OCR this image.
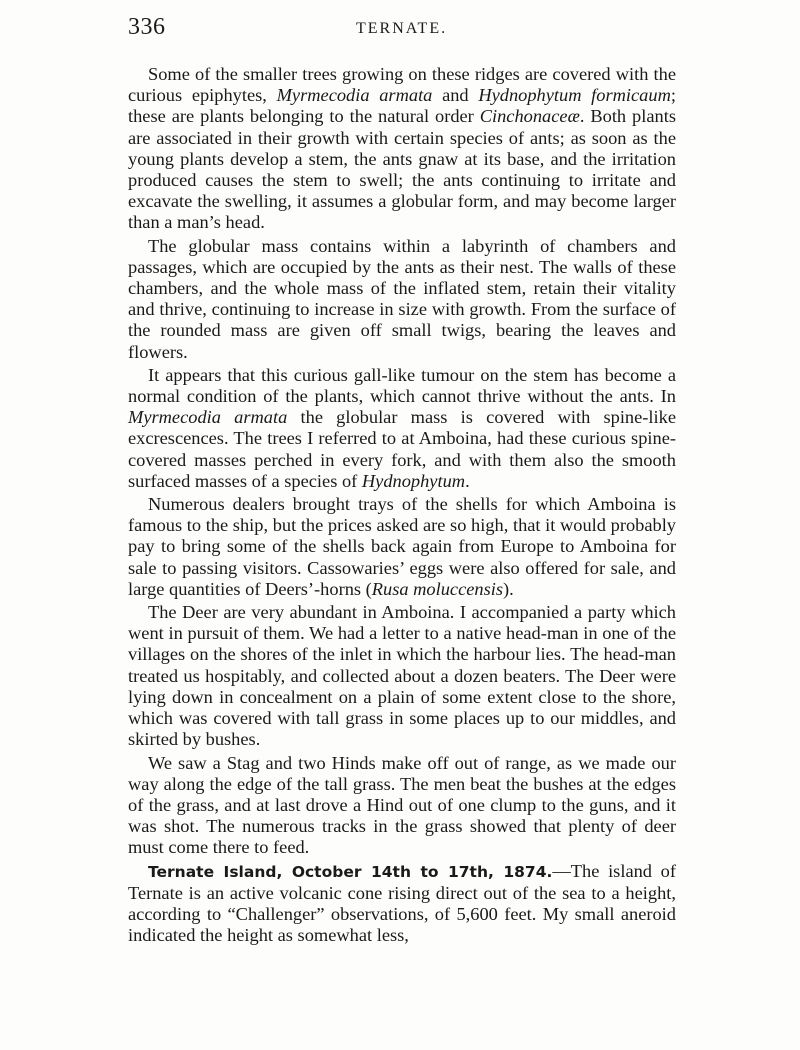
336	TERNATE.

Some of the smaller trees growing on these ridges are covered with the curious epiphytes, Myrmecodia armata and Hydnophytum formicaum; these are plants belonging to the natural order Cinchonaceæ. Both plants are associated in their growth with certain species of ants; as soon as the young plants develop a stem, the ants gnaw at its base, and the irritation produced causes the stem to swell; the ants continuing to irritate and excavate the swelling, it assumes a globular form, and may become larger than a man’s head.

The globular mass contains within a labyrinth of chambers and passages, which are occupied by the ants as their nest. The walls of these chambers, and the whole mass of the inflated stem, retain their vitality and thrive, continuing to increase in size with growth. From the surface of the rounded mass are given off small twigs, bearing the leaves and flowers.

It appears that this curious gall-like tumour on the stem has become a normal condition of the plants, which cannot thrive without the ants. In Myrmecodia armata the globular mass is covered with spine-like excrescences. The trees I referred to at Amboina, had these curious spine-covered masses perched in every fork, and with them also the smooth surfaced masses of a species of Hydnophytum.

Numerous dealers brought trays of the shells for which Amboina is famous to the ship, but the prices asked are so high, that it would probably pay to bring some of the shells back again from Europe to Amboina for sale to passing visitors. Cassowaries’ eggs were also offered for sale, and large quantities of Deers’-horns (Rusa moluccensis).

The Deer are very abundant in Amboina. I accompanied a party which went in pursuit of them. We had a letter to a native head-man in one of the villages on the shores of the inlet in which the harbour lies. The head-man treated us hospitably, and collected about a dozen beaters. The Deer were lying down in concealment on a plain of some extent close to the shore, which was covered with tall grass in some places up to our middles, and skirted by bushes.

We saw a Stag and two Hinds make off out of range, as we made our way along the edge of the tall grass. The men beat the bushes at the edges of the grass, and at last drove a Hind out of one clump to the guns, and it was shot. The numerous tracks in the grass showed that plenty of deer must come there to feed.

Ternate Island, October 14th to 17th, 1874.—The island of Ternate is an active volcanic cone rising direct out of the sea to a height, according to “Challenger” observations, of 5,600 feet. My small aneroid indicated the height as somewhat less,
